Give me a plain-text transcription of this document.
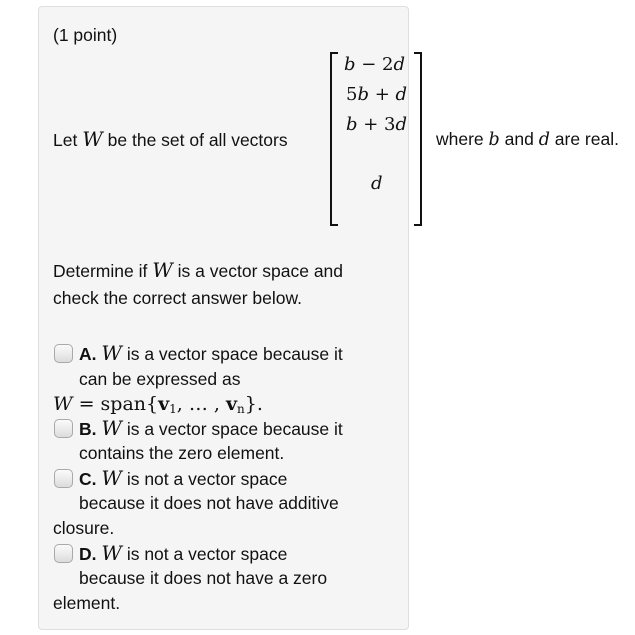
(1 point)
Let W be the set of all vectors
b − 2d
5b + d
b + 3d
d
where b and d are real.
Determine if W is a vector space and
check the correct answer below.
A. W is a vector space because it
can be expressed as
$W = span\{v_1$, … , $v_n$}.
B. W is a vector space because it
contains the zero element.
C. W is not a vector space
because it does not have additive
closure.
D. W is not a vector space
because it does not have a zero
element.
